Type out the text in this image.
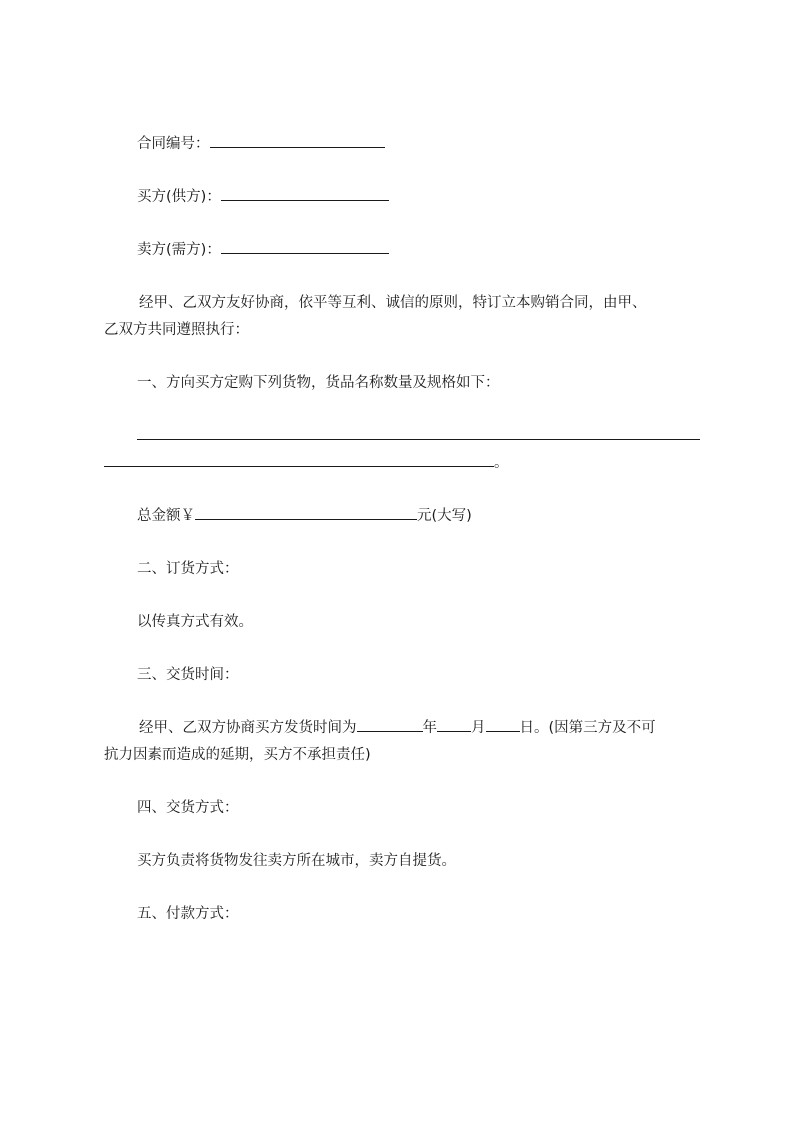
合同编号：
买方(供方)：
卖方(需方)：
经甲、乙双方友好协商，依平等互利、诚信的原则，特订立本购销合同，由甲、
乙双方共同遵照执行：
一、方向买方定购下列货物，货品名称数量及规格如下：
。
总金额￥	元(大写)
二、订货方式：
以传真方式有效。
三、交货时间：
经甲、乙双方协商买方发货时间为	年 月 日。(因第三方及不可
抗力因素而造成的延期，买方不承担责任)
四、交货方式：
买方负责将货物发往卖方所在城市，卖方自提货。
五、付款方式：
